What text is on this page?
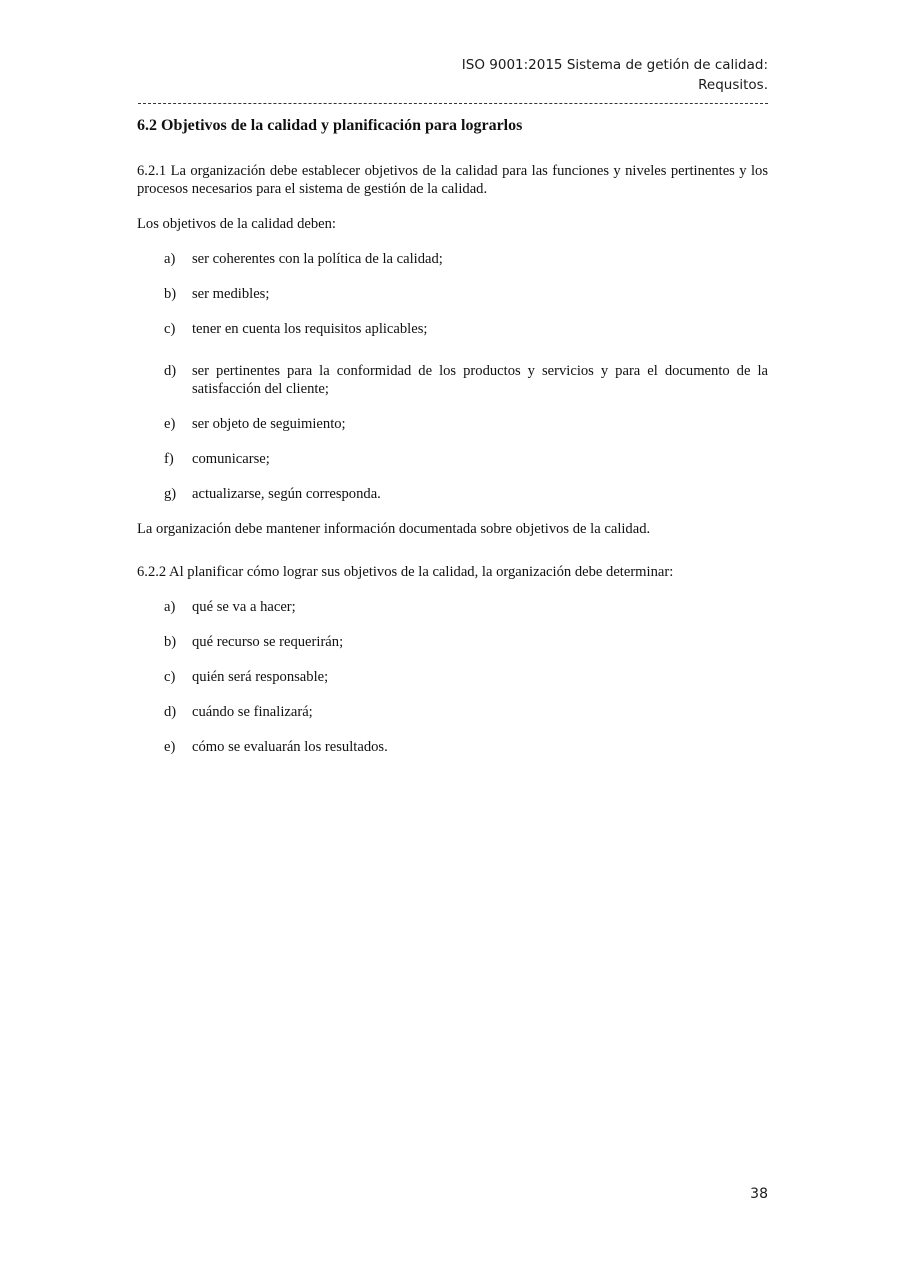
ISO 9001:2015 Sistema de getión de calidad:
Requsitos.
6.2 Objetivos de la calidad y planificación para lograrlos

6.2.1 La organización debe establecer objetivos de la calidad para las funciones y niveles pertinentes y los procesos necesarios para el sistema de gestión de la calidad.

Los objetivos de la calidad deben:

a) ser coherentes con la política de la calidad;
b) ser medibles;
c) tener en cuenta los requisitos aplicables;
d) ser pertinentes para la conformidad de los productos y servicios y para el documento de la satisfacción del cliente;
e) ser objeto de seguimiento;
f) comunicarse;
g) actualizarse, según corresponda.

La organización debe mantener información documentada sobre objetivos de la calidad.

6.2.2 Al planificar cómo lograr sus objetivos de la calidad, la organización debe determinar:

a) qué se va a hacer;
b) qué recurso se requerirán;
c) quién será responsable;
d) cuándo se finalizará;
e) cómo se evaluarán los resultados.
38
